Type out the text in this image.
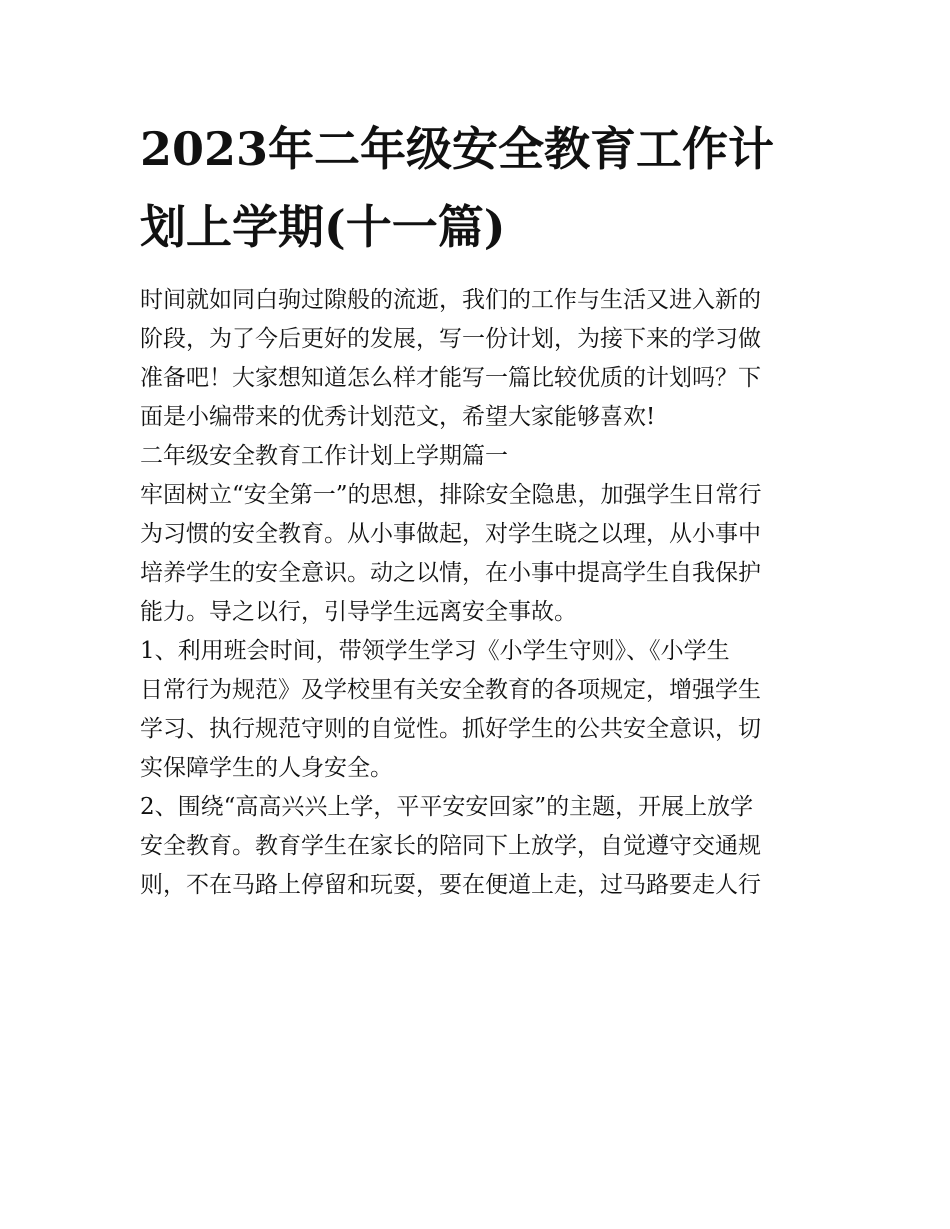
2023年二年级安全教育工作计
划上学期(十一篇)
时间就如同白驹过隙般的流逝，我们的工作与生活又进入新的
阶段，为了今后更好的发展，写一份计划，为接下来的学习做
准备吧！大家想知道怎么样才能写一篇比较优质的计划吗？下
面是小编带来的优秀计划范文，希望大家能够喜欢!
二年级安全教育工作计划上学期篇一
牢固树立“安全第一”的思想，排除安全隐患，加强学生日常行
为习惯的安全教育。从小事做起，对学生晓之以理，从小事中
培养学生的安全意识。动之以情，在小事中提高学生自我保护
能力。导之以行，引导学生远离安全事故。
1、利用班会时间，带领学生学习《小学生守则》、《小学生
日常行为规范》及学校里有关安全教育的各项规定，增强学生
学习、执行规范守则的自觉性。抓好学生的公共安全意识，切
实保障学生的人身安全。
2、围绕“高高兴兴上学，平平安安回家”的主题，开展上放学
安全教育。教育学生在家长的陪同下上放学，自觉遵守交通规
则，不在马路上停留和玩耍，要在便道上走，过马路要走人行
